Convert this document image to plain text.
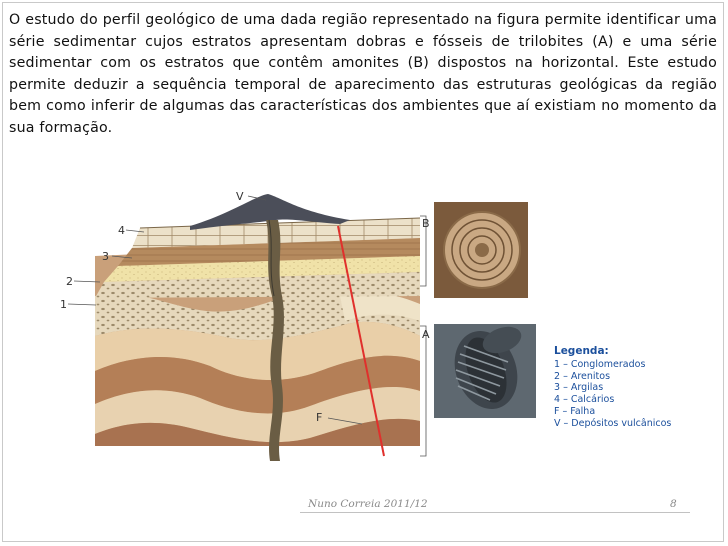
O estudo do perfil geológico de uma dada região representado na figura permite identificar uma série sedimentar cujos estratos apresentam dobras e fósseis de trilobites (A) e uma série sedimentar com os estratos que contêm amonites (B) dispostos na horizontal. Este estudo permite deduzir a sequência temporal de aparecimento das estruturas geológicas da região bem como inferir de algumas das características dos ambientes que aí existiam no momento da sua formação.
V
4
3
2
1
F
B
A
Legenda:
1 – Conglomerados
2 – Arenitos
3 – Argilas
4 – Calcários
F – Falha
V – Depósitos vulcânicos
Nuno Correia 2011/12	8
